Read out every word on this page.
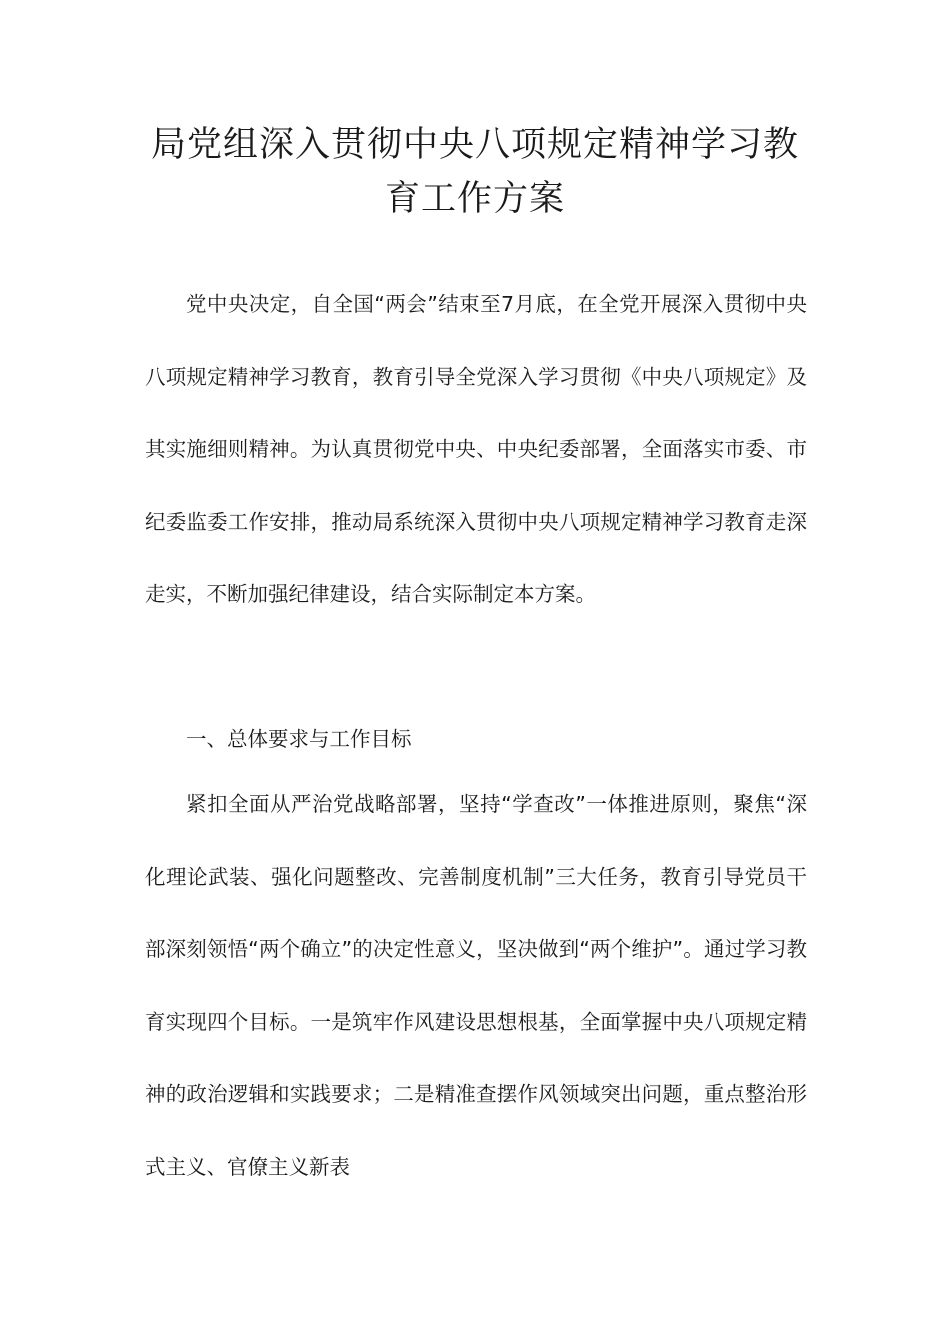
局党组深入贯彻中央八项规定精神学习教
育工作方案

党中央决定，自全国“两会”结束至7月底，在全党开展深入贯彻中央八项规定精神学习教育，教育引导全党深入学习贯彻《中央八项规定》及其实施细则精神。为认真贯彻党中央、中央纪委部署，全面落实市委、市纪委监委工作安排，推动局系统深入贯彻中央八项规定精神学习教育走深走实，不断加强纪律建设，结合实际制定本方案。

一、总体要求与工作目标

紧扣全面从严治党战略部署，坚持“学查改”一体推进原则，聚焦“深化理论武装、强化问题整改、完善制度机制”三大任务，教育引导党员干部深刻领悟“两个确立”的决定性意义，坚决做到“两个维护”。通过学习教育实现四个目标。一是筑牢作风建设思想根基，全面掌握中央八项规定精神的政治逻辑和实践要求；二是精准查摆作风领域突出问题，重点整治形式主义、官僚主义新表
